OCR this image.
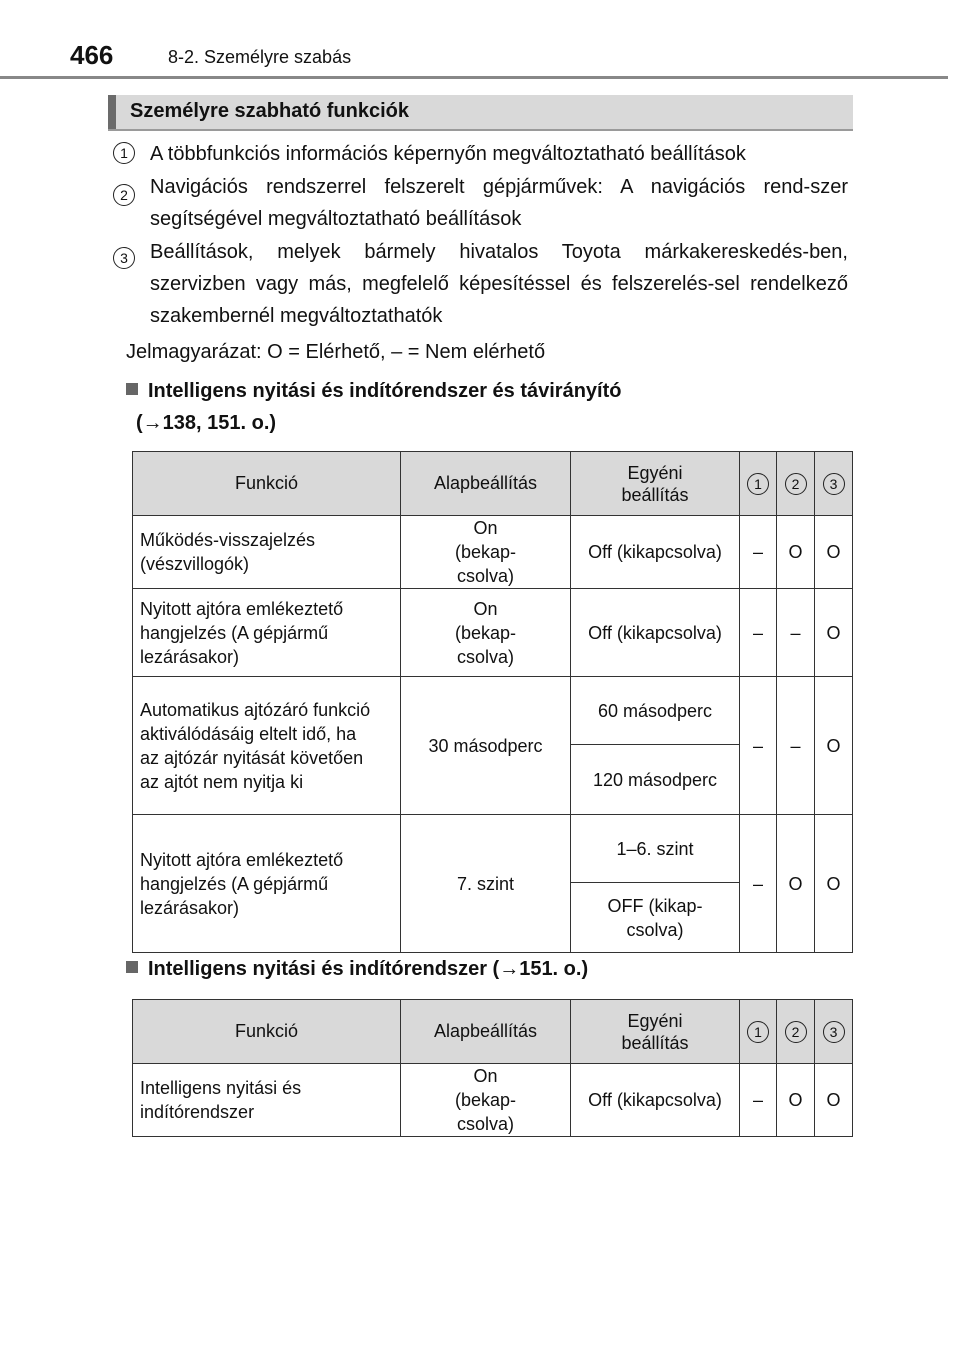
466	8-2. Személyre szabás
Személyre szabható funkciók
1	A többfunkciós információs képernyőn megváltoztatható beállítások
2	Navigációs rendszerrel felszerelt gépjárművek: A navigációs rend-szer segítségével megváltoztatható beállítások
3	Beállítások, melyek bármely hivatalos Toyota márkakereskedés-ben, szervizben vagy más, megfelelő képesítéssel és felszerelés-sel rendelkező szakembernél megváltoztathatók
Jelmagyarázat: O = Elérhető, – = Nem elérhető
Intelligens nyitási és indítórendszer és távirányító
(→138, 151. o.)
Funkció	Alapbeállítás	Egyéni beállítás	1	2	3
Működés-visszajelzés (vészvillogók)	On (bekap-csolva)	Off (kikapcsolva)	–	O	O
Nyitott ajtóra emlékeztető hangjelzés (A gépjármű lezárásakor)	On (bekap-csolva)	Off (kikapcsolva)	–	–	O
Automatikus ajtózáró funkció aktiválódásáig eltelt idő, ha az ajtózár nyitását követően az ajtót nem nyitja ki	30 másodperc	60 másodperc	–	–	O
		120 másodperc			
Nyitott ajtóra emlékeztető hangjelzés (A gépjármű lezárásakor)	7. szint	1–6. szint	–	O	O
		OFF (kikap-csolva)			
Intelligens nyitási és indítórendszer (→151. o.)
Funkció	Alapbeállítás	Egyéni beállítás	1	2	3
Intelligens nyitási és indítórendszer	On (bekap-csolva)	Off (kikapcsolva)	–	O	O
